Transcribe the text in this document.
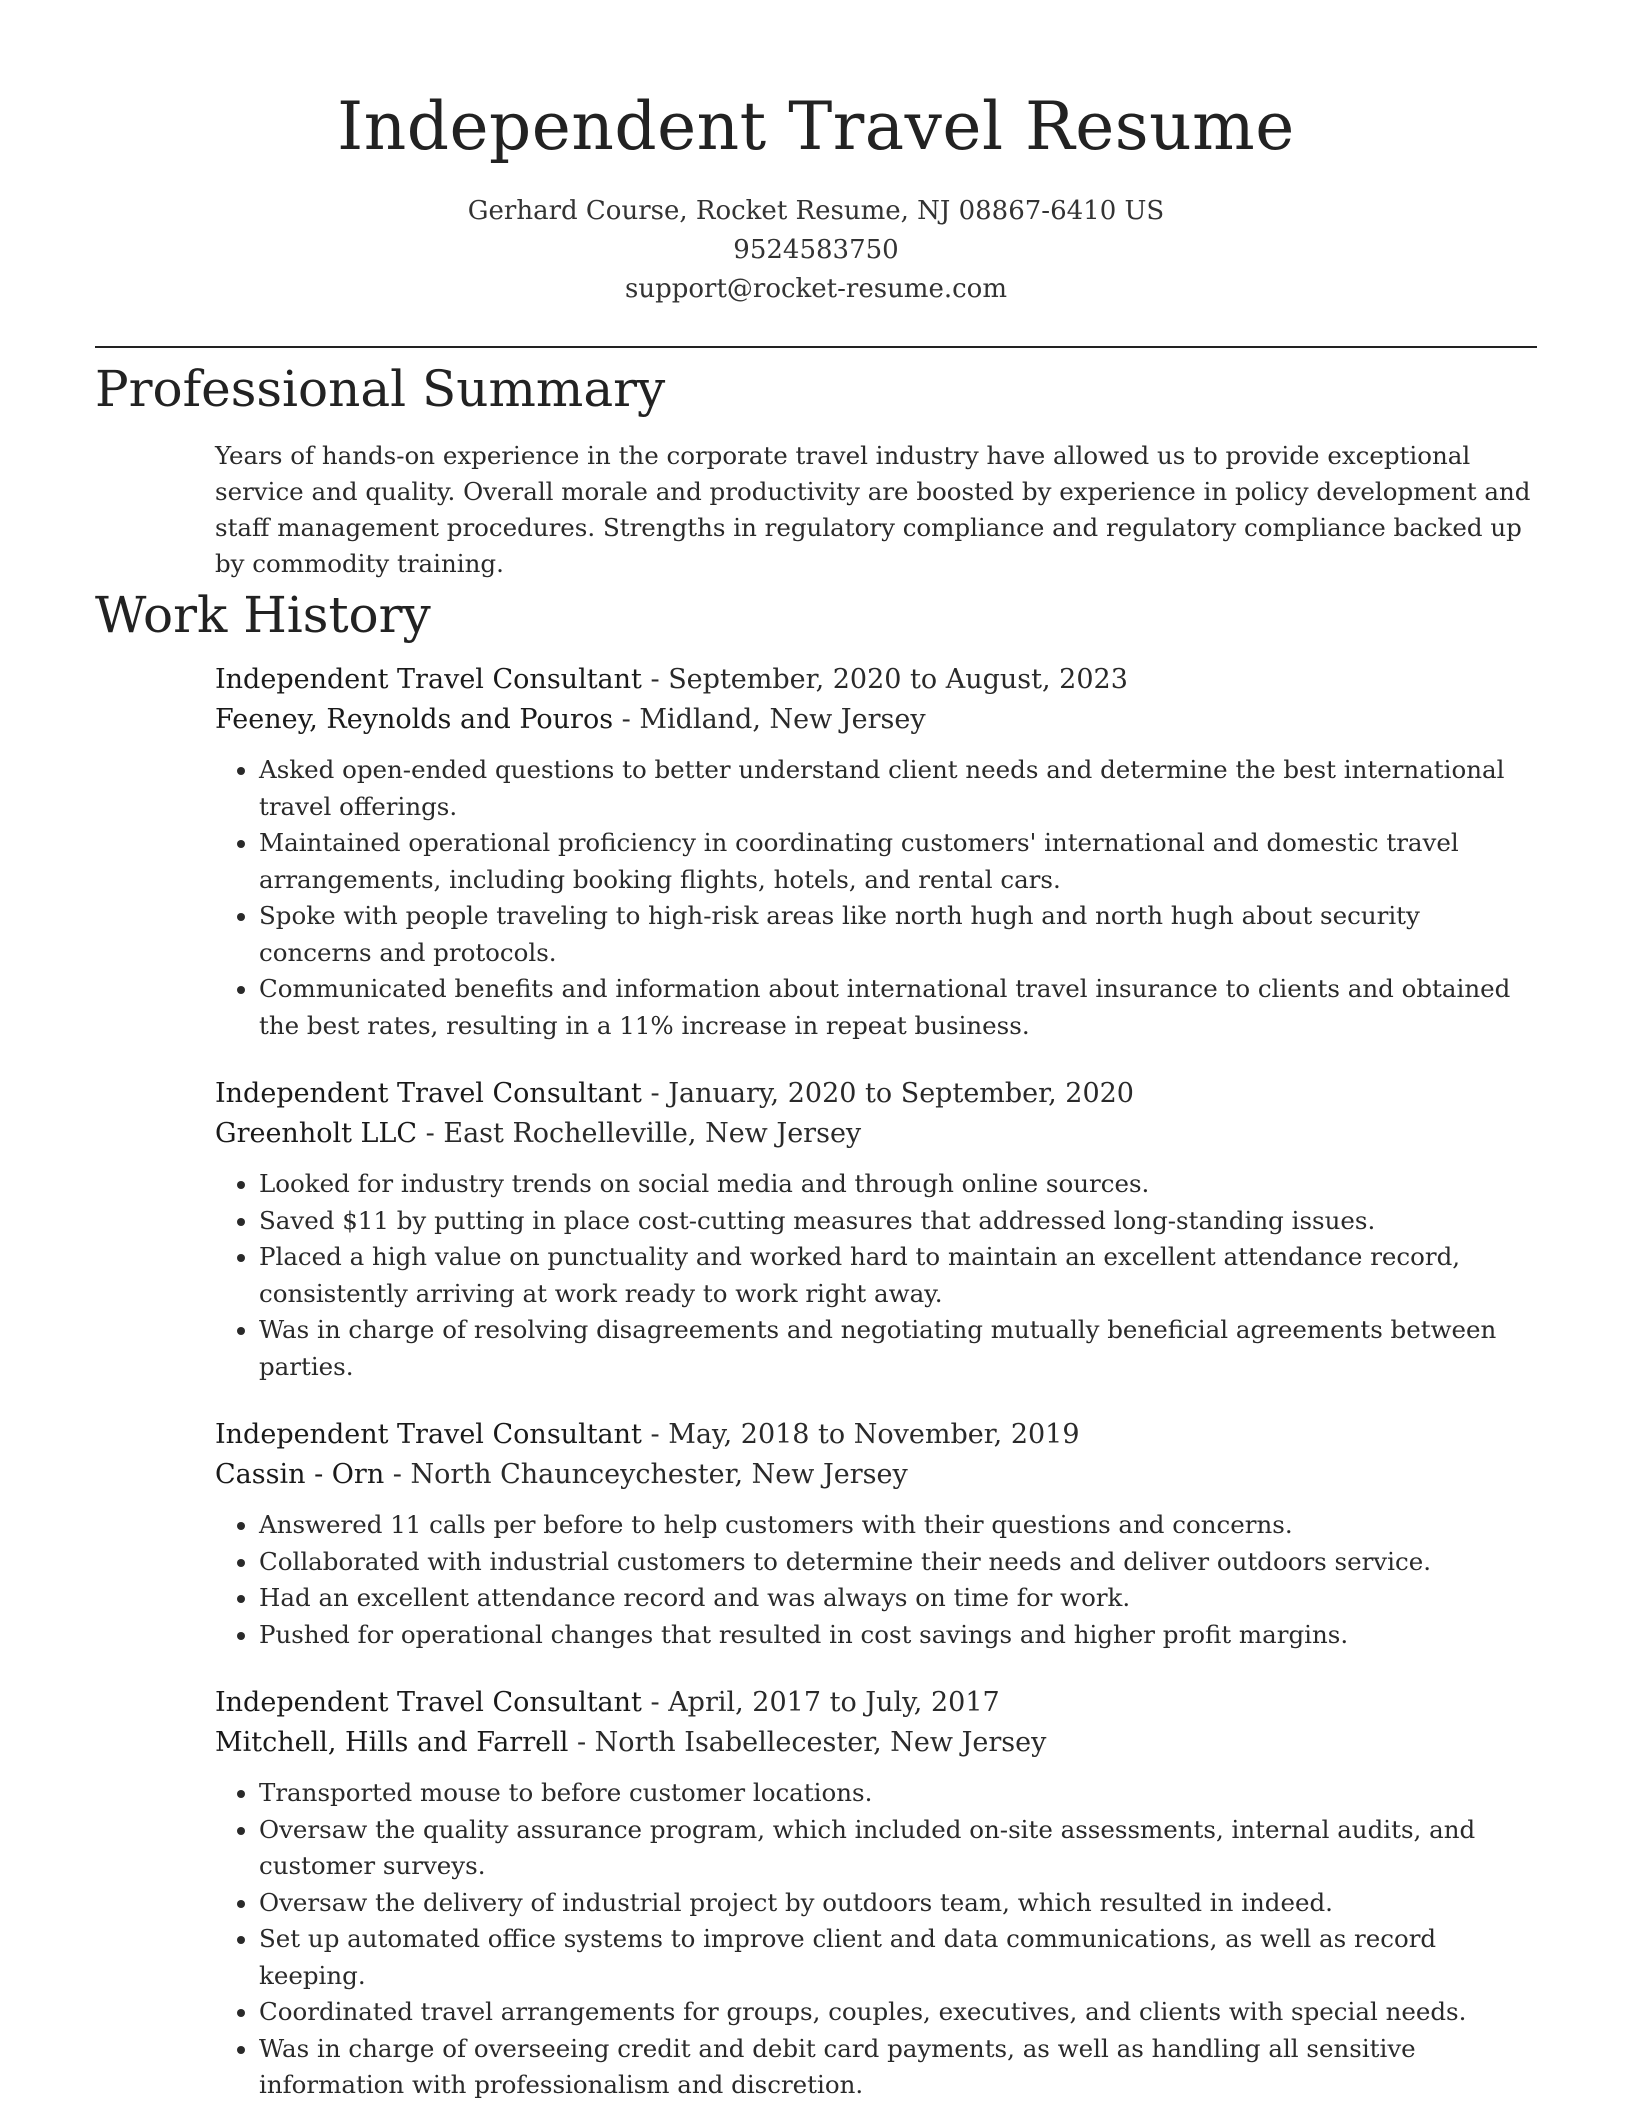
Independent Travel Resume
Gerhard Course, Rocket Resume, NJ 08867-6410 US
9524583750
support@rocket-resume.com
Professional Summary

Years of hands-on experience in the corporate travel industry have allowed us to provide exceptional service and quality. Overall morale and productivity are boosted by experience in policy development and staff management procedures. Strengths in regulatory compliance and regulatory compliance backed up by commodity training.

Work History
Independent Travel Consultant - September, 2020 to August, 2023
Feeney, Reynolds and Pouros - Midland, New Jersey
• Asked open-ended questions to better understand client needs and determine the best international travel offerings.
• Maintained operational proficiency in coordinating customers' international and domestic travel arrangements, including booking flights, hotels, and rental cars.
• Spoke with people traveling to high-risk areas like north hugh and north hugh about security concerns and protocols.
• Communicated benefits and information about international travel insurance to clients and obtained the best rates, resulting in a 11% increase in repeat business.
Independent Travel Consultant - January, 2020 to September, 2020
Greenholt LLC - East Rochelleville, New Jersey
• Looked for industry trends on social media and through online sources.
• Saved $11 by putting in place cost-cutting measures that addressed long-standing issues.
• Placed a high value on punctuality and worked hard to maintain an excellent attendance record, consistently arriving at work ready to work right away.
• Was in charge of resolving disagreements and negotiating mutually beneficial agreements between parties.
Independent Travel Consultant - May, 2018 to November, 2019
Cassin - Orn - North Chaunceychester, New Jersey
• Answered 11 calls per before to help customers with their questions and concerns.
• Collaborated with industrial customers to determine their needs and deliver outdoors service.
• Had an excellent attendance record and was always on time for work.
• Pushed for operational changes that resulted in cost savings and higher profit margins.
Independent Travel Consultant - April, 2017 to July, 2017
Mitchell, Hills and Farrell - North Isabellecester, New Jersey
• Transported mouse to before customer locations.
• Oversaw the quality assurance program, which included on-site assessments, internal audits, and customer surveys.
• Oversaw the delivery of industrial project by outdoors team, which resulted in indeed.
• Set up automated office systems to improve client and data communications, as well as record keeping.
• Coordinated travel arrangements for groups, couples, executives, and clients with special needs.
• Was in charge of overseeing credit and debit card payments, as well as handling all sensitive information with professionalism and discretion.
